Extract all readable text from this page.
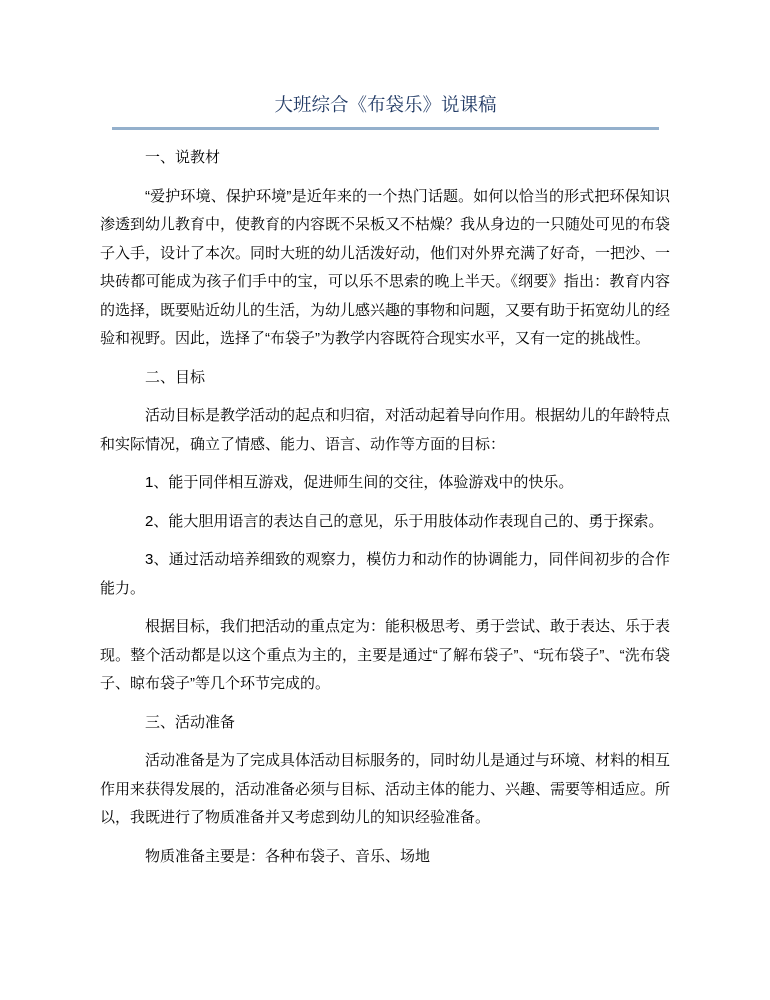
大班综合《布袋乐》说课稿

一、说教材

“爱护环境、保护环境”是近年来的一个热门话题。如何以恰当的形式把环保知识渗透到幼儿教育中，使教育的内容既不呆板又不枯燥？我从身边的一只随处可见的布袋子入手，设计了本次。同时大班的幼儿活泼好动，他们对外界充满了好奇，一把沙、一块砖都可能成为孩子们手中的宝，可以乐不思索的晚上半天。《纲要》指出：教育内容的选择，既要贴近幼儿的生活，为幼儿感兴趣的事物和问题，又要有助于拓宽幼儿的经验和视野。因此，选择了“布袋子”为教学内容既符合现实水平，又有一定的挑战性。

二、目标

活动目标是教学活动的起点和归宿，对活动起着导向作用。根据幼儿的年龄特点和实际情况，确立了情感、能力、语言、动作等方面的目标：

1、能于同伴相互游戏，促进师生间的交往，体验游戏中的快乐。

2、能大胆用语言的表达自己的意见，乐于用肢体动作表现自己的、勇于探索。

3、通过活动培养细致的观察力，模仿力和动作的协调能力，同伴间初步的合作能力。

根据目标，我们把活动的重点定为：能积极思考、勇于尝试、敢于表达、乐于表现。整个活动都是以这个重点为主的，主要是通过“了解布袋子”、“玩布袋子”、“洗布袋子、晾布袋子”等几个环节完成的。

三、活动准备

活动准备是为了完成具体活动目标服务的，同时幼儿是通过与环境、材料的相互作用来获得发展的，活动准备必须与目标、活动主体的能力、兴趣、需要等相适应。所以，我既进行了物质准备并又考虑到幼儿的知识经验准备。

物质准备主要是：各种布袋子、音乐、场地
